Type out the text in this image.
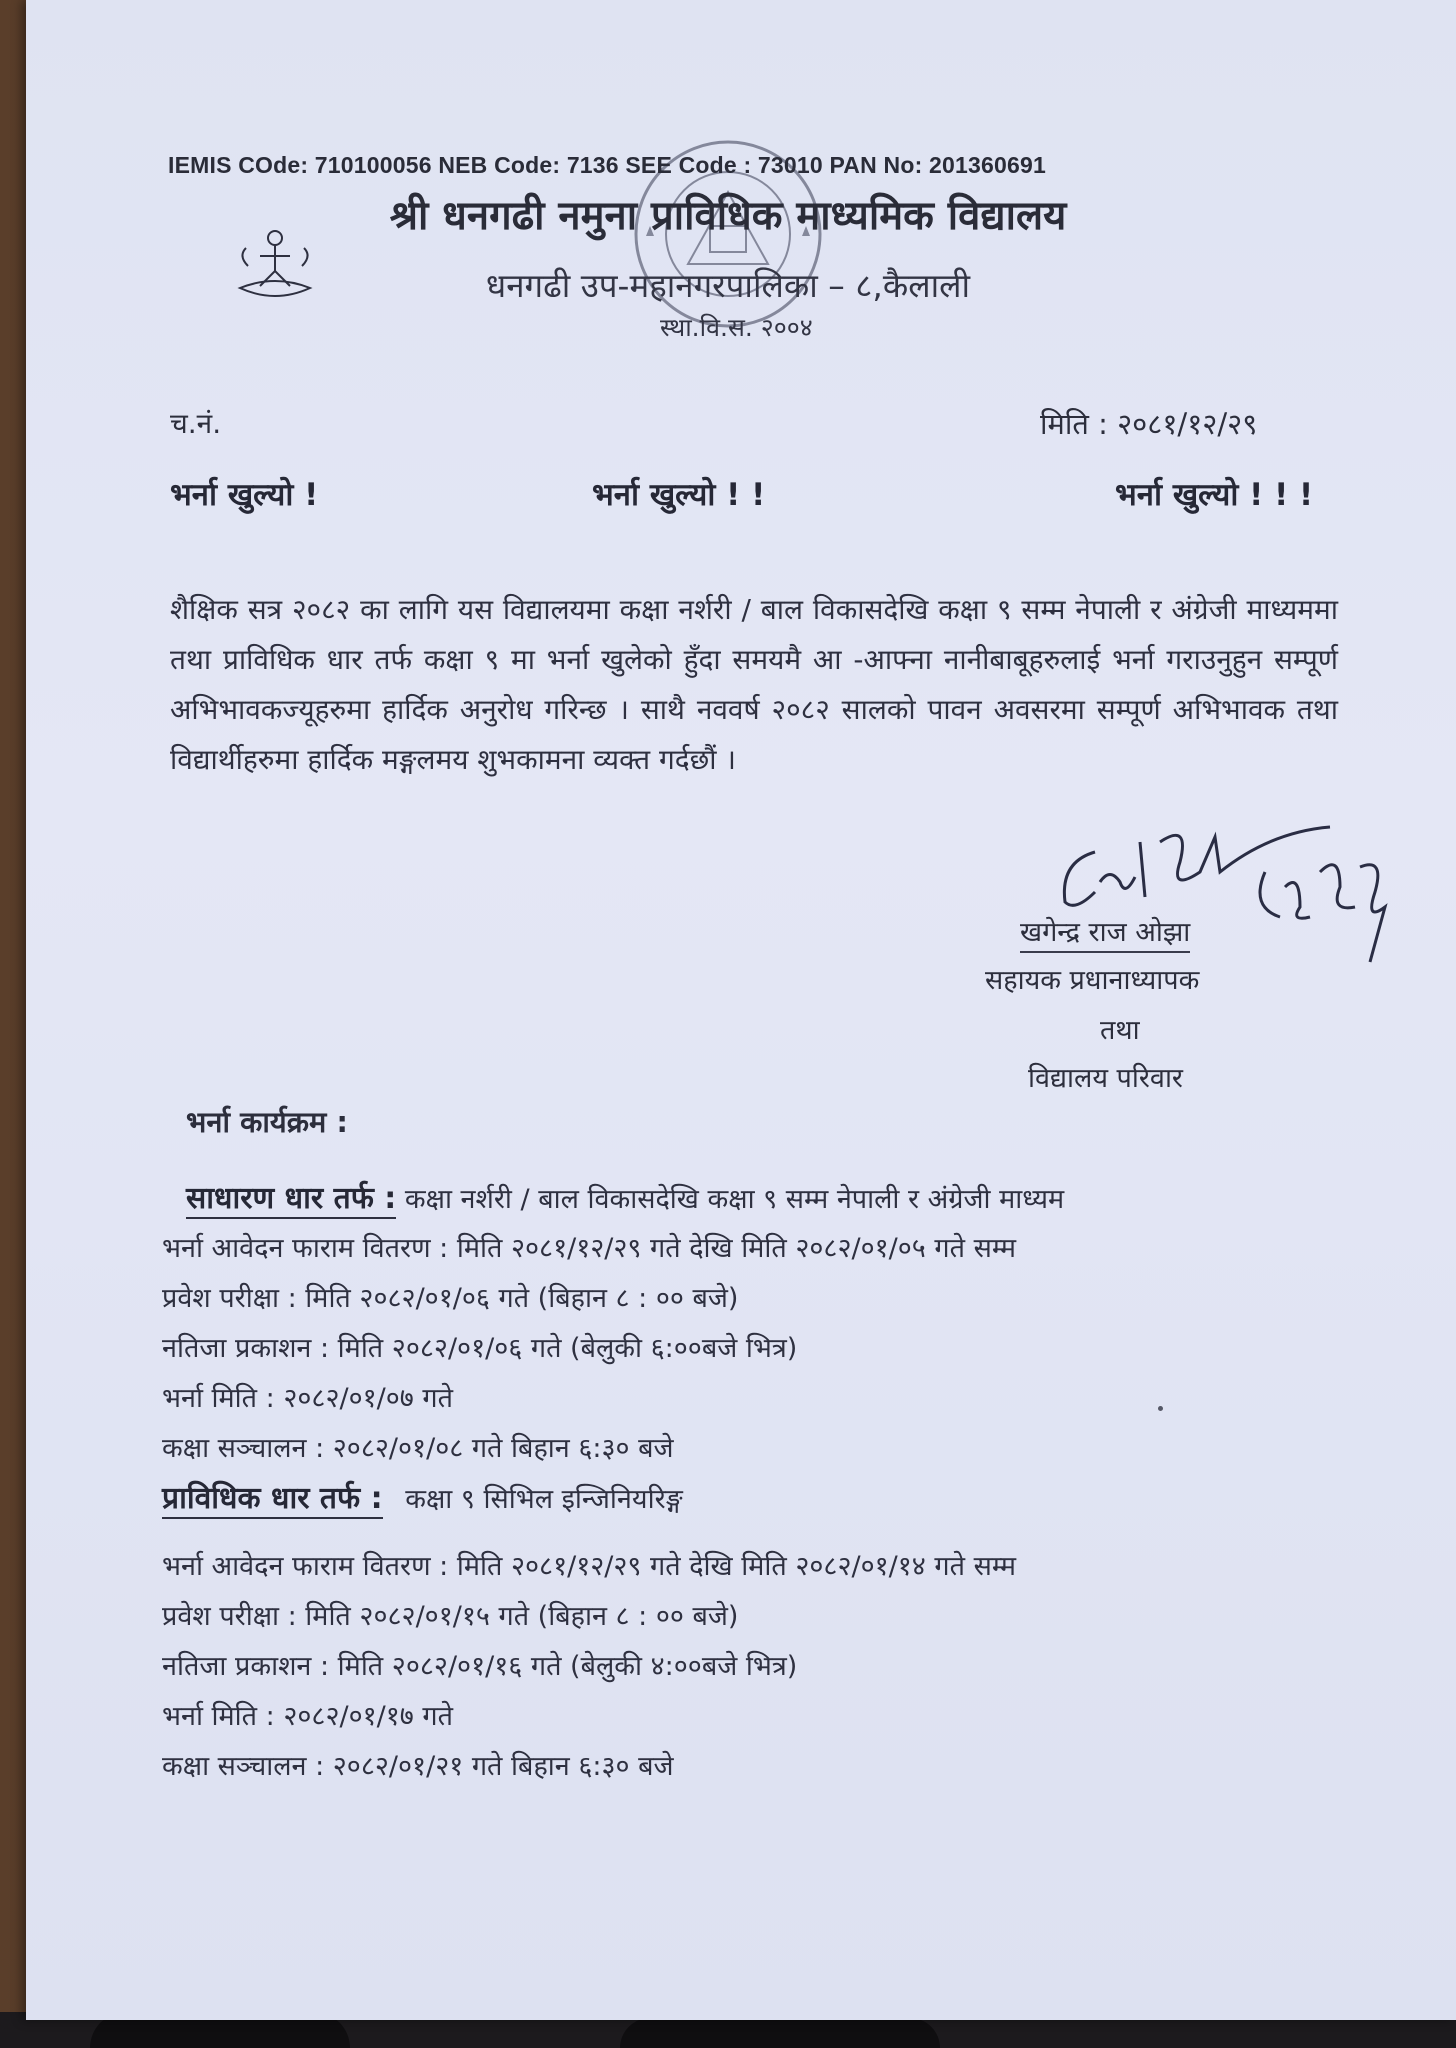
IEMIS COde: 710100056 NEB Code: 7136 SEE Code : 73010 PAN No: 201360691
श्री धनगढी नमुना प्राविधिक माध्यमिक विद्यालय
धनगढी उप-महानगरपालिका – ८,कैलाली
स्था.वि.स. २००४
च.नं.	मिति : २०८१/१२/२९
भर्ना खुल्यो !	भर्ना खुल्यो ! !	भर्ना खुल्यो ! ! !
शैक्षिक सत्र २०८२ का लागि यस विद्यालयमा कक्षा नर्शरी / बाल विकासदेखि कक्षा ९ सम्म नेपाली र अंग्रेजी माध्यममा तथा प्राविधिक धार तर्फ कक्षा ९ मा भर्ना खुलेको हुँदा समयमै आ -आफ्ना नानीबाबूहरुलाई भर्ना गराउनुहुन सम्पूर्ण अभिभावकज्यूहरुमा हार्दिक अनुरोध गरिन्छ । साथै नववर्ष २०८२ सालको पावन अवसरमा सम्पूर्ण अभिभावक तथा विद्यार्थीहरुमा हार्दिक मङ्गलमय शुभकामना व्यक्त गर्दछौं ।
खगेन्द्र राज ओझा
सहायक प्रधानाध्यापक
तथा
विद्यालय परिवार
भर्ना कार्यक्रम :
साधारण धार तर्फ : कक्षा नर्शरी / बाल विकासदेखि कक्षा ९ सम्म नेपाली र अंग्रेजी माध्यम
भर्ना आवेदन फाराम वितरण : मिति २०८१/१२/२९ गते देखि मिति २०८२/०१/०५ गते सम्म
प्रवेश परीक्षा : मिति २०८२/०१/०६ गते (बिहान ८ : ०० बजे)
नतिजा प्रकाशन : मिति २०८२/०१/०६ गते (बेलुकी ६:००बजे भित्र)
भर्ना मिति : २०८२/०१/०७ गते
कक्षा सञ्चालन : २०८२/०१/०८ गते बिहान ६:३० बजे
प्राविधिक धार तर्फ : कक्षा ९ सिभिल इन्जिनियरिङ्ग
भर्ना आवेदन फाराम वितरण : मिति २०८१/१२/२९ गते देखि मिति २०८२/०१/१४ गते सम्म
प्रवेश परीक्षा : मिति २०८२/०१/१५ गते (बिहान ८ : ०० बजे)
नतिजा प्रकाशन : मिति २०८२/०१/१६ गते (बेलुकी ४:००बजे भित्र)
भर्ना मिति : २०८२/०१/१७ गते
कक्षा सञ्चालन : २०८२/०१/२१ गते बिहान ६:३० बजे
